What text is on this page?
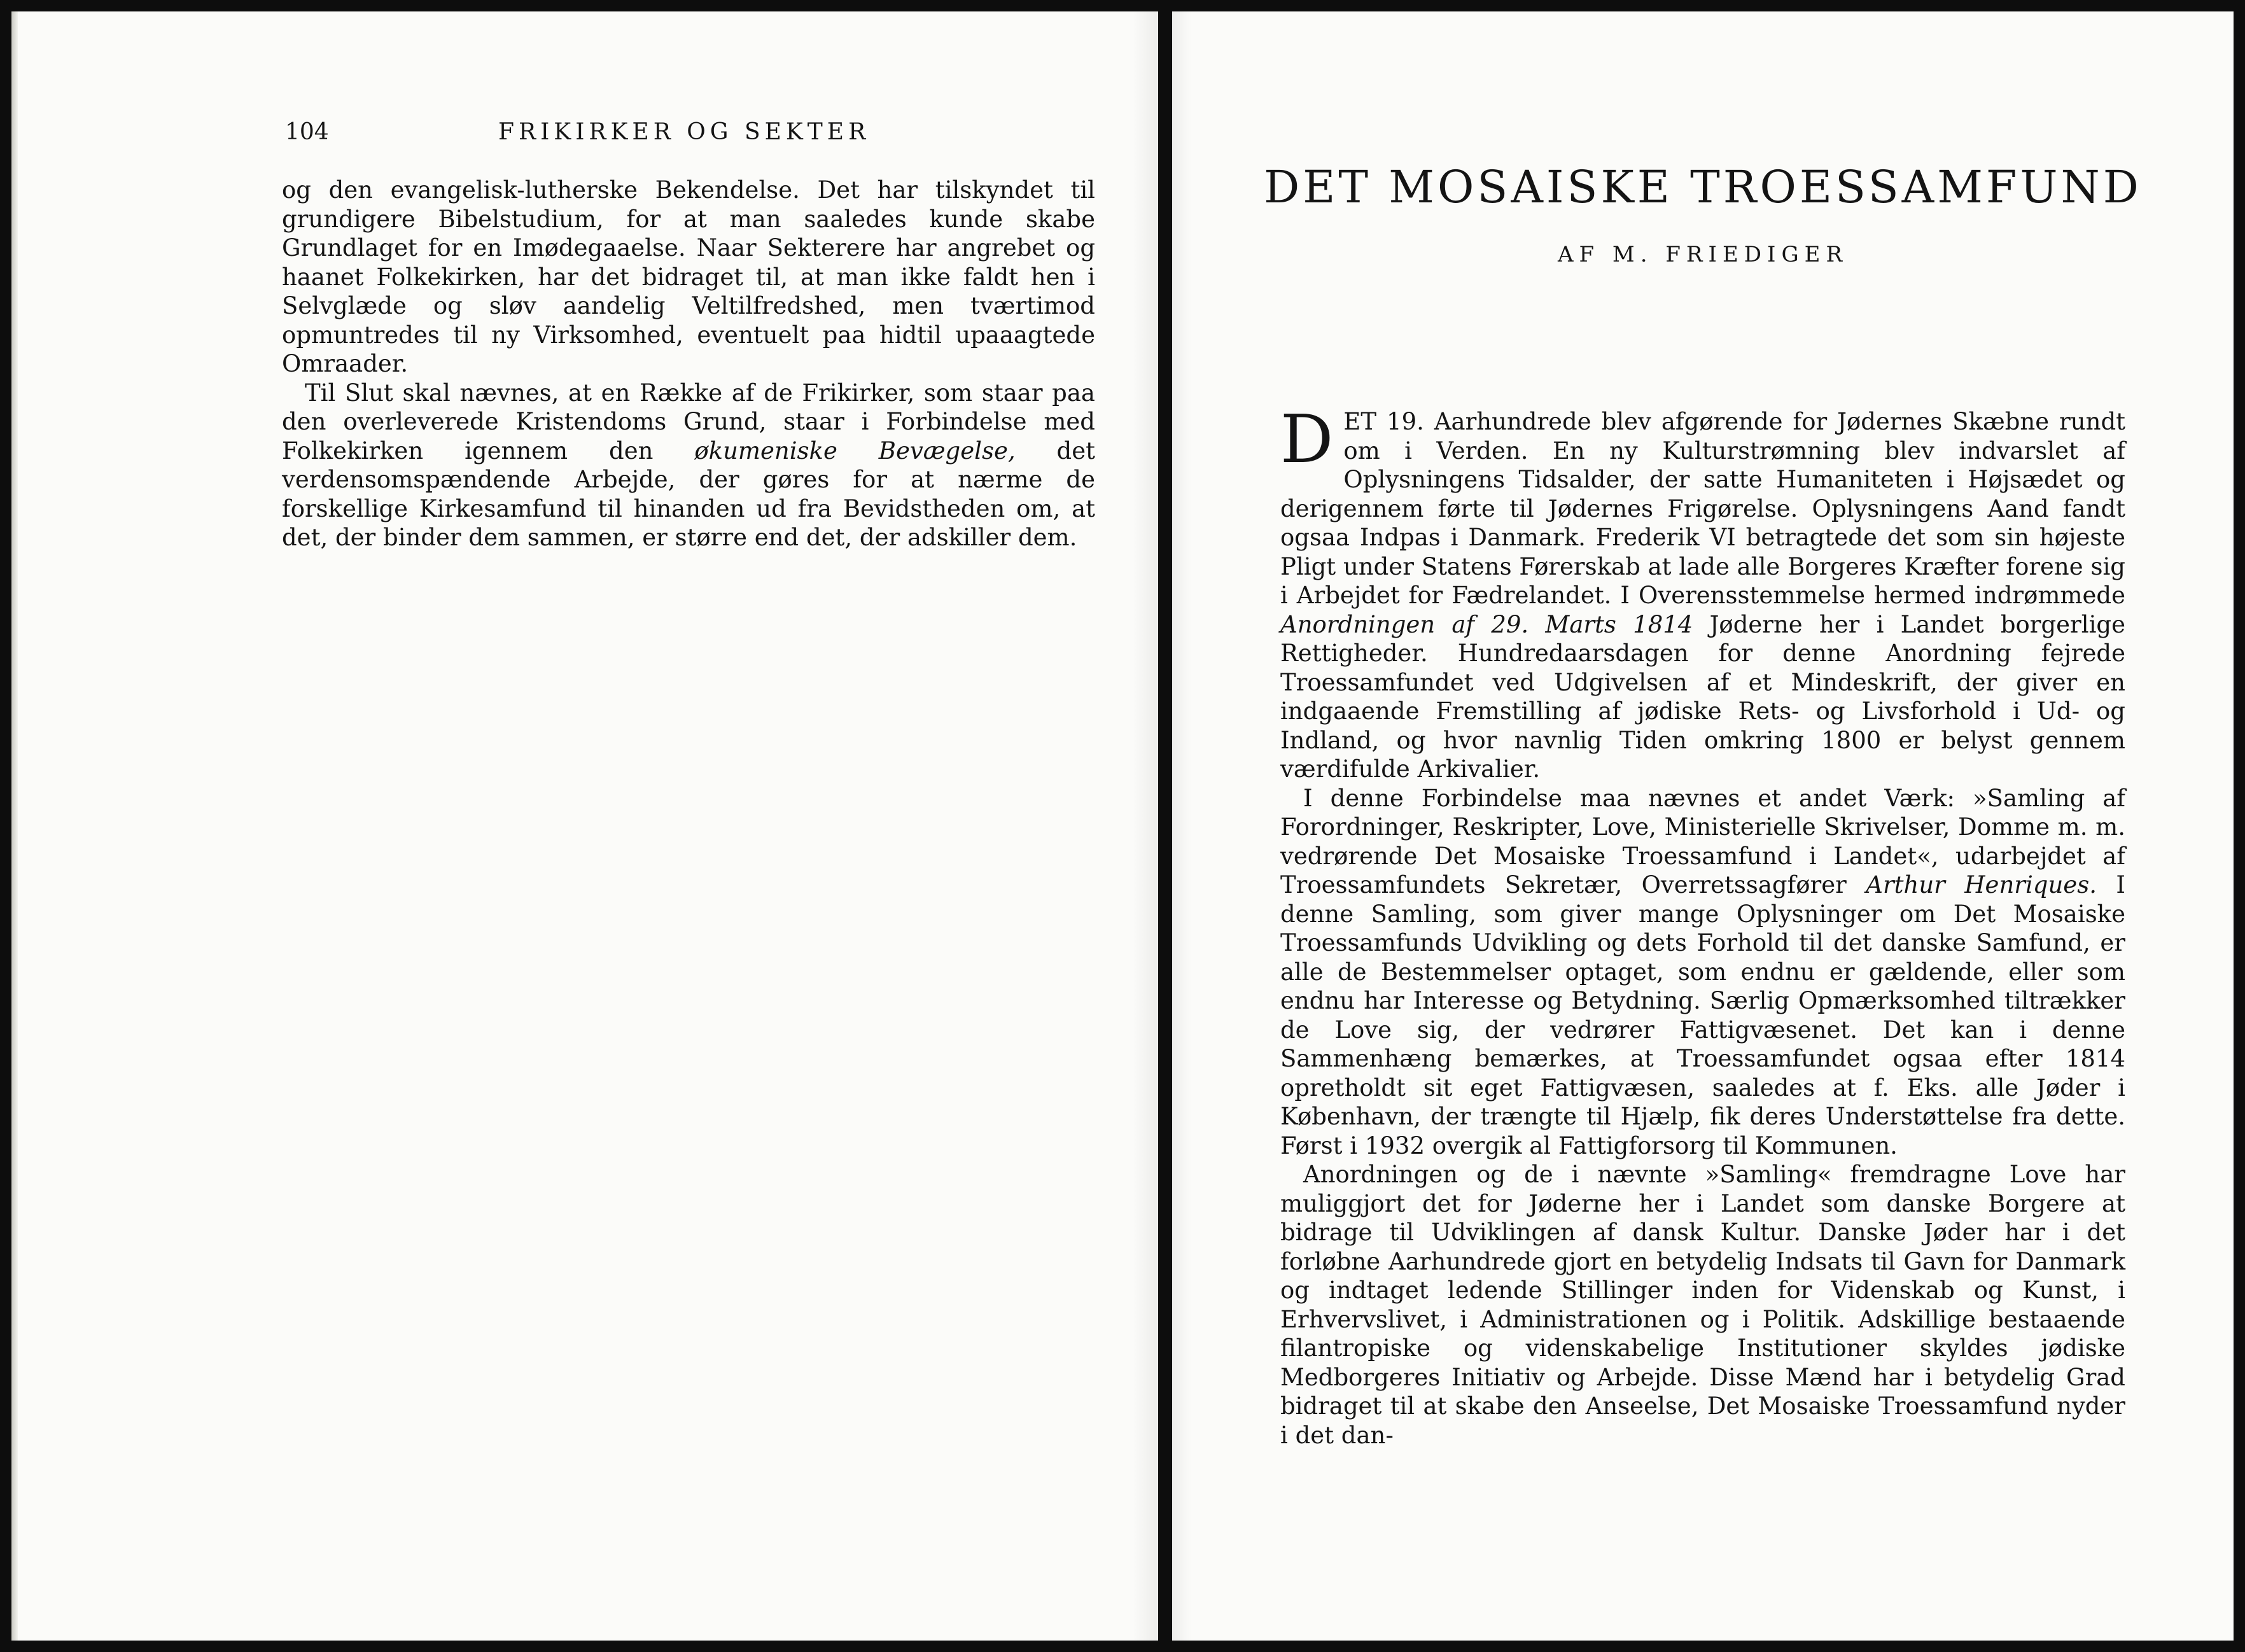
104	FRIKIRKER OG SEKTER

og den evangelisk-lutherske Bekendelse. Det har tilskyndet til grundigere Bibelstudium, for at man saaledes kunde skabe Grundlaget for en Imødegaaelse. Naar Sekterere har angrebet og haanet Folkekirken, har det bidraget til, at man ikke faldt hen i Selvglæde og sløv aandelig Veltilfredshed, men tværtimod opmuntredes til ny Virksomhed, eventuelt paa hidtil upaaagtede Omraader.

Til Slut skal nævnes, at en Række af de Frikirker, som staar paa den overleverede Kristendoms Grund, staar i Forbindelse med Folkekirken igennem den økumeniske Bevægelse, det verdensomspændende Arbejde, der gøres for at nærme de forskellige Kirkesamfund til hinanden ud fra Bevidstheden om, at det, der binder dem sammen, er større end det, der adskiller dem.

DET MOSAISKE TROESSAMFUND
AF M. FRIEDIGER

DET 19. Aarhundrede blev afgørende for Jødernes Skæbne rundt om i Verden. En ny Kulturstrømning blev indvarslet af Oplysningens Tidsalder, der satte Humaniteten i Højsædet og derigennem førte til Jødernes Frigørelse. Oplysningens Aand fandt ogsaa Indpas i Danmark. Frederik VI betragtede det som sin højeste Pligt under Statens Førerskab at lade alle Borgeres Kræfter forene sig i Arbejdet for Fædrelandet. I Overensstemmelse hermed indrømmede Anordningen af 29. Marts 1814 Jøderne her i Landet borgerlige Rettigheder. Hundredaarsdagen for denne Anordning fejrede Troessamfundet ved Udgivelsen af et Mindeskrift, der giver en indgaaende Fremstilling af jødiske Rets- og Livsforhold i Ud- og Indland, og hvor navnlig Tiden omkring 1800 er belyst gennem værdifulde Arkivalier.

I denne Forbindelse maa nævnes et andet Værk: »Samling af Forordninger, Reskripter, Love, Ministerielle Skrivelser, Domme m. m. vedrørende Det Mosaiske Troessamfund i Landet«, udarbejdet af Troessamfundets Sekretær, Overretssagfører Arthur Henriques. I denne Samling, som giver mange Oplysninger om Det Mosaiske Troessamfunds Udvikling og dets Forhold til det danske Samfund, er alle de Bestemmelser optaget, som endnu er gældende, eller som endnu har Interesse og Betydning. Særlig Opmærksomhed tiltrækker de Love sig, der vedrører Fattigvæsenet. Det kan i denne Sammenhæng bemærkes, at Troessamfundet ogsaa efter 1814 opretholdt sit eget Fattigvæsen, saaledes at f. Eks. alle Jøder i København, der trængte til Hjælp, fik deres Understøttelse fra dette. Først i 1932 overgik al Fattigforsorg til Kommunen.

Anordningen og de i nævnte »Samling« fremdragne Love har muliggjort det for Jøderne her i Landet som danske Borgere at bidrage til Udviklingen af dansk Kultur. Danske Jøder har i det forløbne Aarhundrede gjort en betydelig Indsats til Gavn for Danmark og indtaget ledende Stillinger inden for Videnskab og Kunst, i Erhvervslivet, i Administrationen og i Politik. Adskillige bestaaende filantropiske og videnskabelige Institutioner skyldes jødiske Medborgeres Initiativ og Arbejde. Disse Mænd har i betydelig Grad bidraget til at skabe den Anseelse, Det Mosaiske Troessamfund nyder i det dan-
